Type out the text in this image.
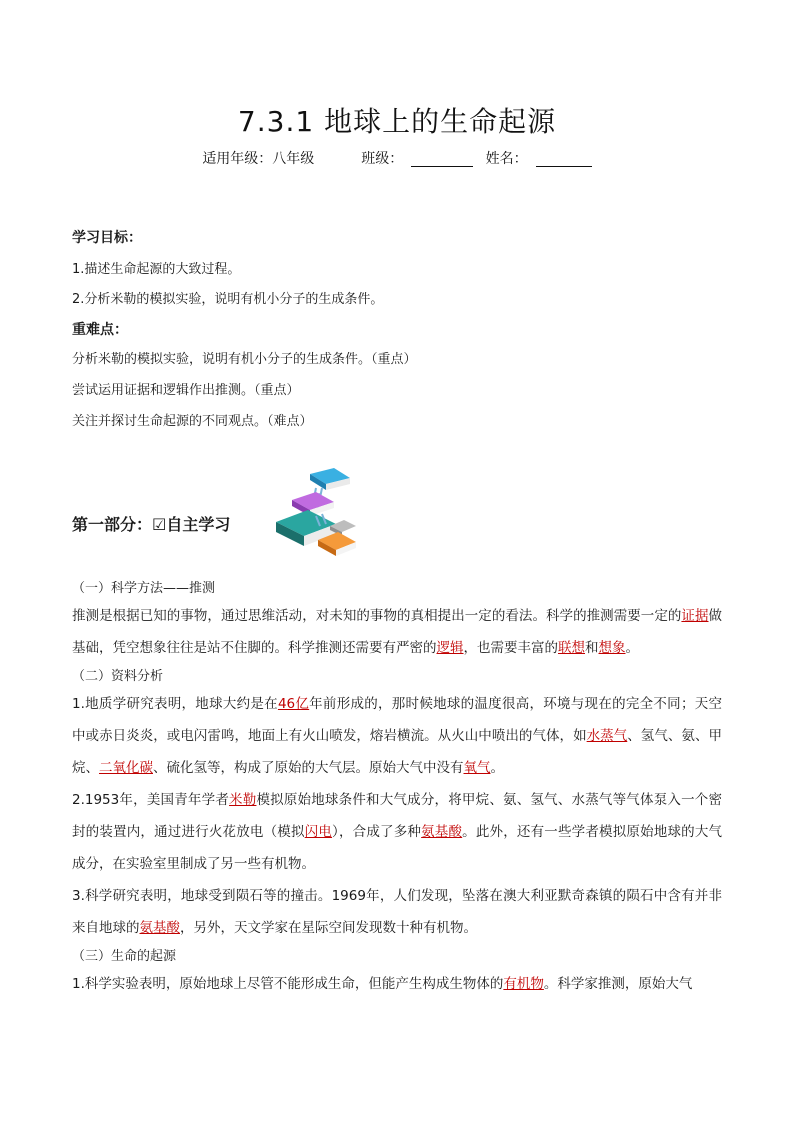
7.3.1 地球上的生命起源
适用年级：八年级	班级：	姓名：

学习目标：

1.描述生命起源的大致过程。

2.分析米勒的模拟实验，说明有机小分子的生成条件。

重难点：

分析米勒的模拟实验，说明有机小分子的生成条件。（重点）

尝试运用证据和逻辑作出推测。（重点）

关注并探讨生命起源的不同观点。（难点）

第一部分：☑自主学习

（一）科学方法——推测

推测是根据已知的事物，通过思维活动，对未知的事物的真相提出一定的看法。科学的推测需要一定的证据做基础，凭空想象往往是站不住脚的。科学推测还需要有严密的逻辑，也需要丰富的联想和想象。

（二）资料分析

1.地质学研究表明，地球大约是在46亿年前形成的，那时候地球的温度很高，环境与现在的完全不同；天空中或赤日炎炎，或电闪雷鸣，地面上有火山喷发，熔岩横流。从火山中喷出的气体，如水蒸气、氢气、氨、甲烷、二氧化碳、硫化氢等，构成了原始的大气层。原始大气中没有氧气。

2.1953年，美国青年学者米勒模拟原始地球条件和大气成分，将甲烷、氨、氢气、水蒸气等气体泵入一个密封的装置内，通过进行火花放电（模拟闪电），合成了多种氨基酸。此外，还有一些学者模拟原始地球的大气成分，在实验室里制成了另一些有机物。

3.科学研究表明，地球受到陨石等的撞击。1969年，人们发现，坠落在澳大利亚默奇森镇的陨石中含有并非来自地球的氨基酸，另外，天文学家在星际空间发现数十种有机物。

（三）生命的起源

1.科学实验表明，原始地球上尽管不能形成生命，但能产生构成生物体的有机物。科学家推测，原始大气
